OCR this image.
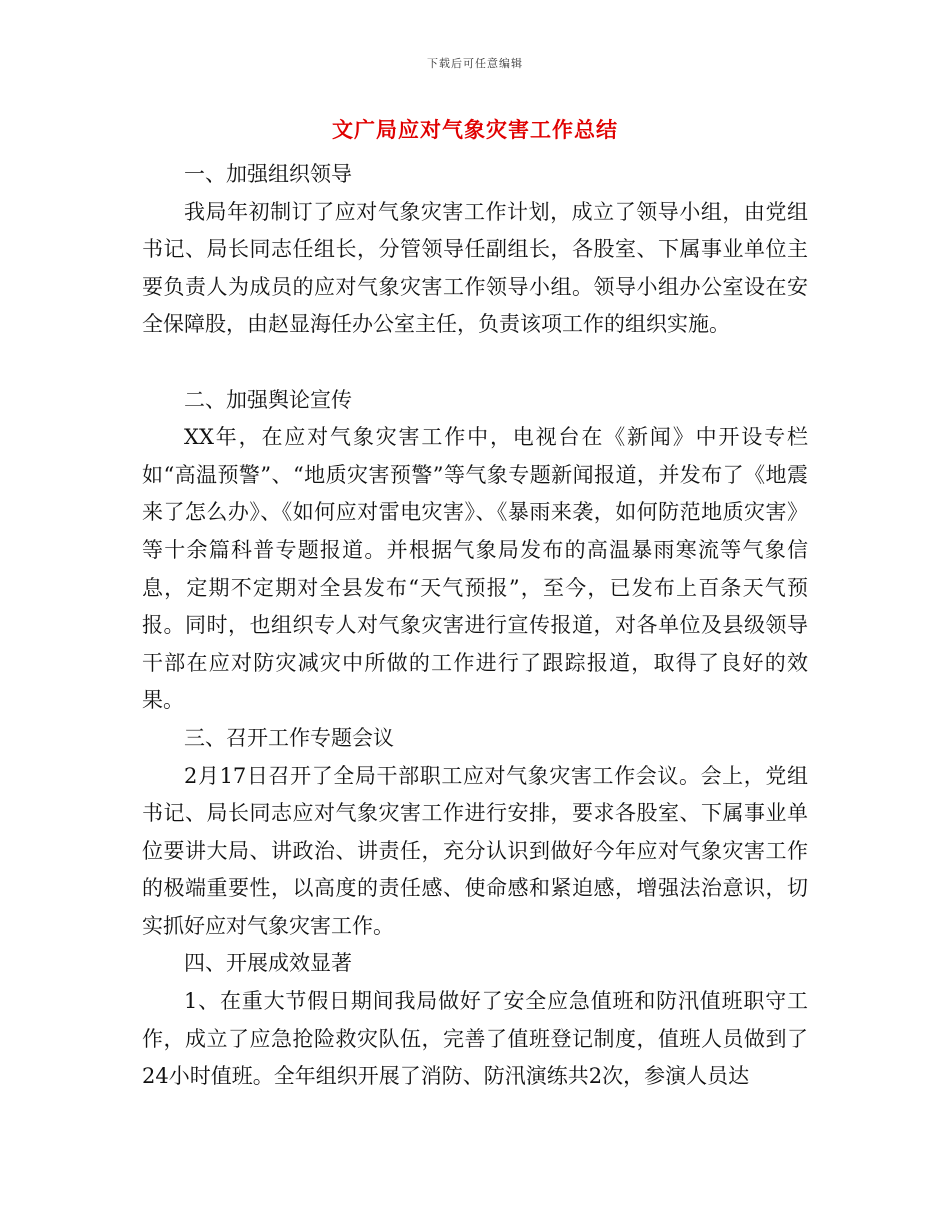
下载后可任意编辑
文广局应对气象灾害工作总结

一、加强组织领导

我局年初制订了应对气象灾害工作计划，成立了领导小组，由党组书记、局长同志任组长，分管领导任副组长，各股室、下属事业单位主要负责人为成员的应对气象灾害工作领导小组。领导小组办公室设在安全保障股，由赵显海任办公室主任，负责该项工作的组织实施。

二、加强舆论宣传

XX年，在应对气象灾害工作中，电视台在《新闻》中开设专栏如“高温预警”、“地质灾害预警”等气象专题新闻报道，并发布了《地震来了怎么办》、《如何应对雷电灾害》、《暴雨来袭，如何防范地质灾害》等十余篇科普专题报道。并根据气象局发布的高温暴雨寒流等气象信息，定期不定期对全县发布“天气预报”，至今，已发布上百条天气预报。同时，也组织专人对气象灾害进行宣传报道，对各单位及县级领导干部在应对防灾减灾中所做的工作进行了跟踪报道，取得了良好的效果。

三、召开工作专题会议

2月17日召开了全局干部职工应对气象灾害工作会议。会上，党组书记、局长同志应对气象灾害工作进行安排，要求各股室、下属事业单位要讲大局、讲政治、讲责任，充分认识到做好今年应对气象灾害工作的极端重要性，以高度的责任感、使命感和紧迫感，增强法治意识，切实抓好应对气象灾害工作。

四、开展成效显著

1、在重大节假日期间我局做好了安全应急值班和防汛值班职守工作，成立了应急抢险救灾队伍，完善了值班登记制度，值班人员做到了24小时值班。全年组织开展了消防、防汛演练共2次，参演人员达
